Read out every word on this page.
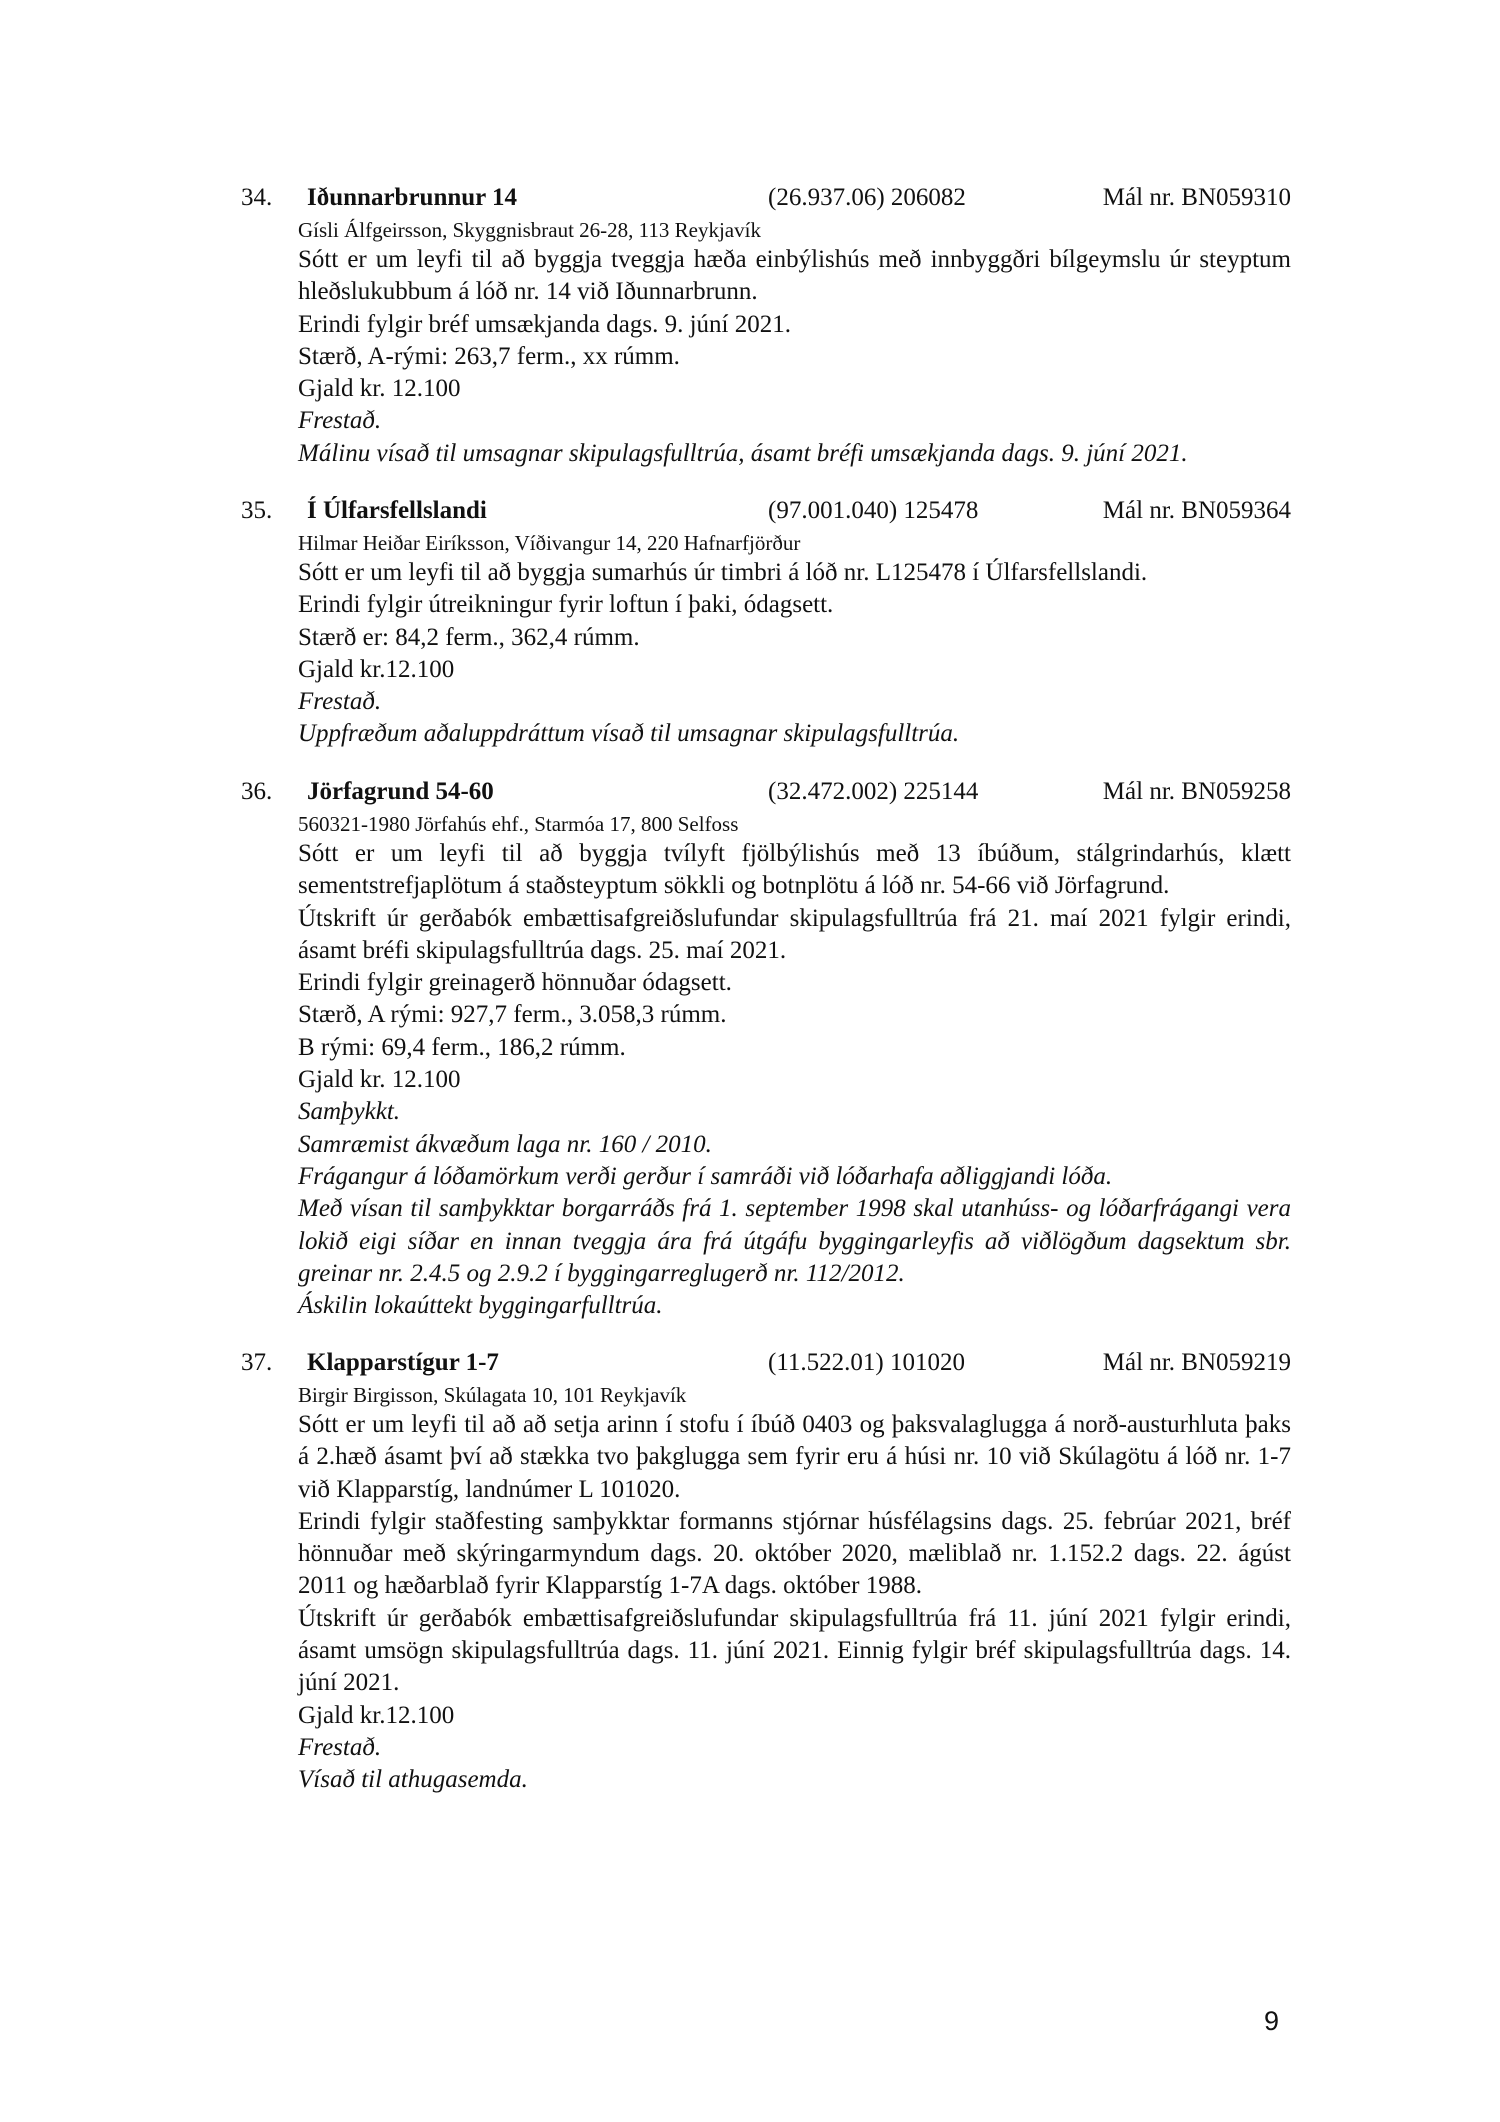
34. Iðunnarbrunnur 14	(26.937.06) 206082	Mál nr. BN059310
Gísli Álfgeirsson, Skyggnisbraut 26-28, 113 Reykjavík
Sótt er um leyfi til að byggja tveggja hæða einbýlishús með innbyggðri bílgeymslu úr steyptum hleðslukubbum á lóð nr. 14 við Iðunnarbrunn.
Erindi fylgir bréf umsækjanda dags. 9. júní 2021.
Stærð, A-rými: 263,7 ferm., xx rúmm.
Gjald kr. 12.100
Frestað.
Málinu vísað til umsagnar skipulagsfulltrúa, ásamt bréfi umsækjanda dags. 9. júní 2021.
35. Í Úlfarsfellslandi	(97.001.040) 125478	Mál nr. BN059364
Hilmar Heiðar Eiríksson, Víðivangur 14, 220 Hafnarfjörður
Sótt er um leyfi til að byggja sumarhús úr timbri á lóð nr. L125478 í Úlfarsfellslandi.
Erindi fylgir útreikningur fyrir loftun í þaki, ódagsett.
Stærð er: 84,2 ferm., 362,4 rúmm.
Gjald kr.12.100
Frestað.
Uppfræðum aðaluppdráttum vísað til umsagnar skipulagsfulltrúa.
36. Jörfagrund 54-60	(32.472.002) 225144	Mál nr. BN059258
560321-1980 Jörfahús ehf., Starmóa 17, 800 Selfoss
Sótt er um leyfi til að byggja tvílyft fjölbýlishús með 13 íbúðum, stálgrindarhús, klætt sementstrefjaplötum á staðsteyptum sökkli og botnplötu á lóð nr. 54-66 við Jörfagrund.
Útskrift úr gerðabók embættisafgreiðslufundar skipulagsfulltrúa frá 21. maí 2021 fylgir erindi, ásamt bréfi skipulagsfulltrúa dags. 25. maí 2021.
Erindi fylgir greinagerð hönnuðar ódagsett.
Stærð, A rými: 927,7 ferm., 3.058,3 rúmm.
B rými: 69,4 ferm., 186,2 rúmm.
Gjald kr. 12.100
Samþykkt.
Samræmist ákvæðum laga nr. 160 / 2010.
Frágangur á lóðamörkum verði gerður í samráði við lóðarhafa aðliggjandi lóða.
Með vísan til samþykktar borgarráðs frá 1. september 1998 skal utanhúss- og lóðarfrágangi vera lokið eigi síðar en innan tveggja ára frá útgáfu byggingarleyfis að viðlögðum dagsektum sbr. greinar nr. 2.4.5 og 2.9.2 í byggingarreglugerð nr. 112/2012.
Áskilin lokaúttekt byggingarfulltrúa.
37. Klapparstígur 1-7	(11.522.01) 101020	Mál nr. BN059219
Birgir Birgisson, Skúlagata 10, 101 Reykjavík
Sótt er um leyfi til að að setja arinn í stofu í íbúð 0403 og þaksvalaglugga á norð-austurhluta þaks á 2.hæð ásamt því að stækka tvo þakglugga sem fyrir eru á húsi nr. 10 við Skúlagötu á lóð nr. 1-7 við Klapparstíg, landnúmer L 101020.
Erindi fylgir staðfesting samþykktar formanns stjórnar húsfélagsins dags. 25. febrúar 2021, bréf hönnuðar með skýringarmyndum dags. 20. október 2020, mæliblað nr. 1.152.2 dags. 22. ágúst 2011 og hæðarblað fyrir Klapparstíg 1-7A dags. október 1988.
Útskrift úr gerðabók embættisafgreiðslufundar skipulagsfulltrúa frá 11. júní 2021 fylgir erindi, ásamt umsögn skipulagsfulltrúa dags. 11. júní 2021. Einnig fylgir bréf skipulagsfulltrúa dags. 14. júní 2021.
Gjald kr.12.100
Frestað.
Vísað til athugasemda.
9
